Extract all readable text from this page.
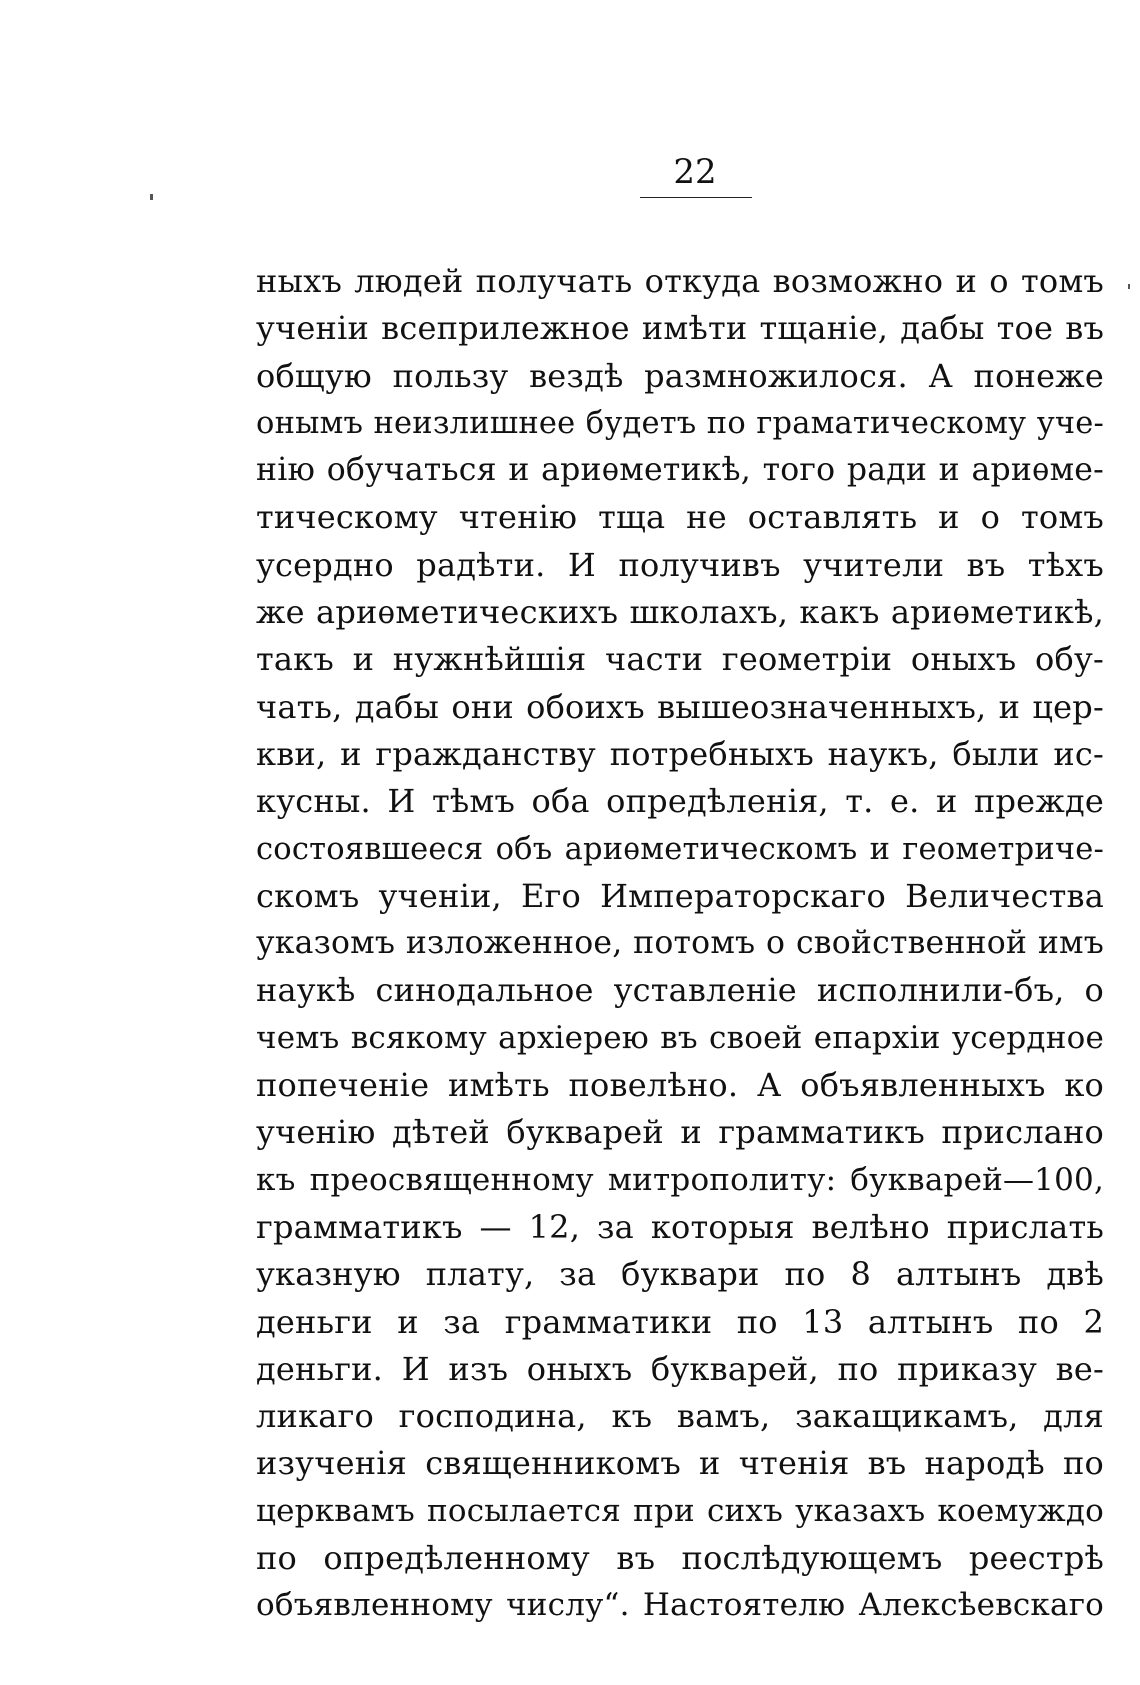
22
ныхъ людей получать откуда возможно и о томъ
ученіи всеприлежное имѣти тщаніе, дабы тое въ
общую пользу вездѣ размножилося. А понеже
онымъ неизлишнее будетъ по граматическому уче-
нію обучаться и ариѳметикѣ, того ради и ариѳме-
тическому чтенію тща не оставлять и о томъ
усердно радѣти. И получивъ учители въ тѣхъ
же ариѳметическихъ школахъ, какъ ариѳметикѣ,
такъ и нужнѣйшія части геометріи оныхъ обу-
чать, дабы они обоихъ вышеозначенныхъ, и цер-
кви, и гражданству потребныхъ наукъ, были ис-
кусны. И тѣмъ оба опредѣленія, т. е. и прежде
состоявшееся объ ариѳметическомъ и геометриче-
скомъ ученіи, Его Императорскаго Величества
указомъ изложенное, потомъ о свойственной имъ
наукѣ синодальное уставленіе исполнили-бъ, о
чемъ всякому архіерею въ своей епархіи усердное
попеченіе имѣть повелѣно. А объявленныхъ ко
ученію дѣтей букварей и грамматикъ прислано
къ преосвященному митрополиту: букварей—100,
грамматикъ — 12, за которыя велѣно прислать
указную плату, за буквари по 8 алтынъ двѣ
деньги и за грамматики по 13 алтынъ по 2
деньги. И изъ оныхъ букварей, по приказу ве-
ликаго господина, къ вамъ, закащикамъ, для
изученія священникомъ и чтенія въ народѣ по
церквамъ посылается при сихъ указахъ коемуждо
по опредѣленному въ послѣдующемъ реестрѣ
объявленному числу“. Настоятелю Алексѣевскаго
